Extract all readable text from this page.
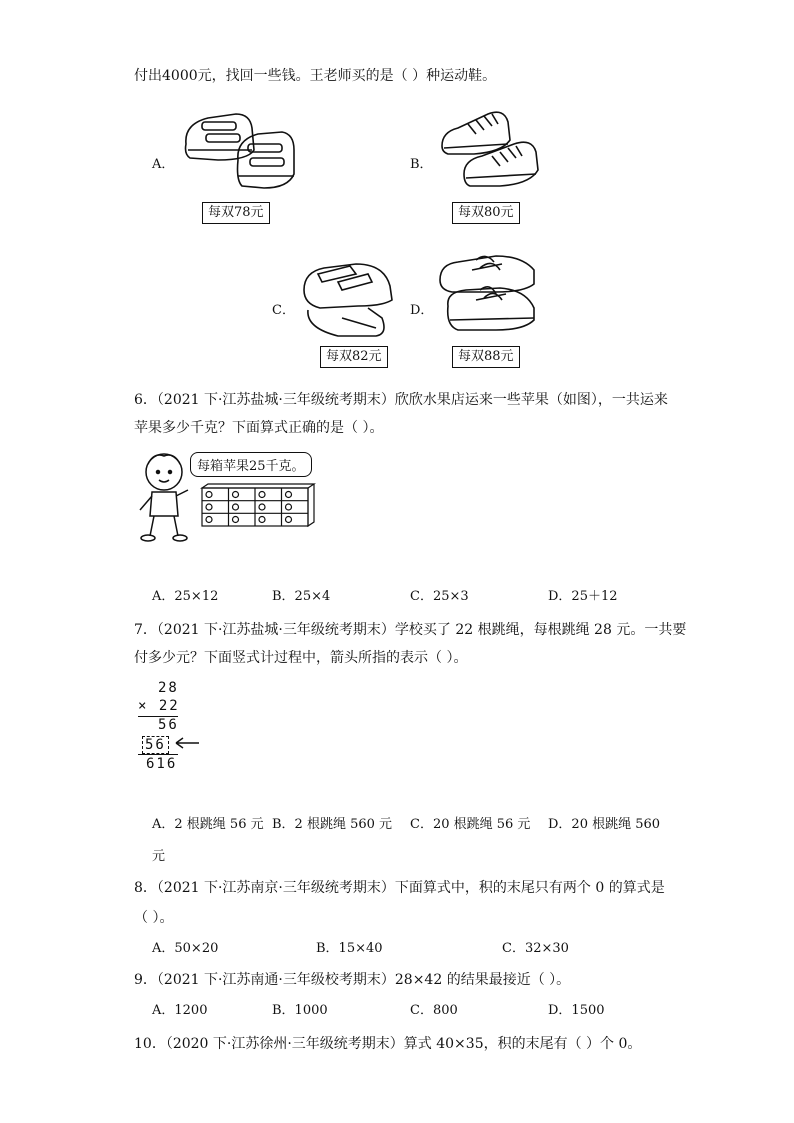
付出4000元，找回一些钱。王老师买的是（ ）种运动鞋。
A．
每双78元
B．
每双80元
C．
每双82元
D．
每双88元
6．（2021 下·江苏盐城·三年级统考期末）欣欣水果店运来一些苹果（如图），一共运来
苹果多少千克？下面算式正确的是（ ）。
每箱苹果25千克。
A．25×12	B．25×4	C．25×3	D．25＋12
7．（2021 下·江苏盐城·三年级统考期末）学校买了 22 根跳绳，每根跳绳 28 元。一共要
付多少元？下面竖式计过程中，箭头所指的表示（ ）。
28
× 22
56
56
616
A．2 根跳绳 56 元 B．2 根跳绳 560 元 C．20 根跳绳 56 元 D．20 根跳绳 560
元
8．（2021 下·江苏南京·三年级统考期末）下面算式中，积的末尾只有两个 0 的算式是
（ ）。
A．50×20	B．15×40	C．32×30
9．（2021 下·江苏南通·三年级校考期末）28×42 的结果最接近（ ）。
A．1200	B．1000	C．800	D．1500
10．（2020 下·江苏徐州·三年级统考期末）算式 40×35，积的末尾有（ ）个 0。
